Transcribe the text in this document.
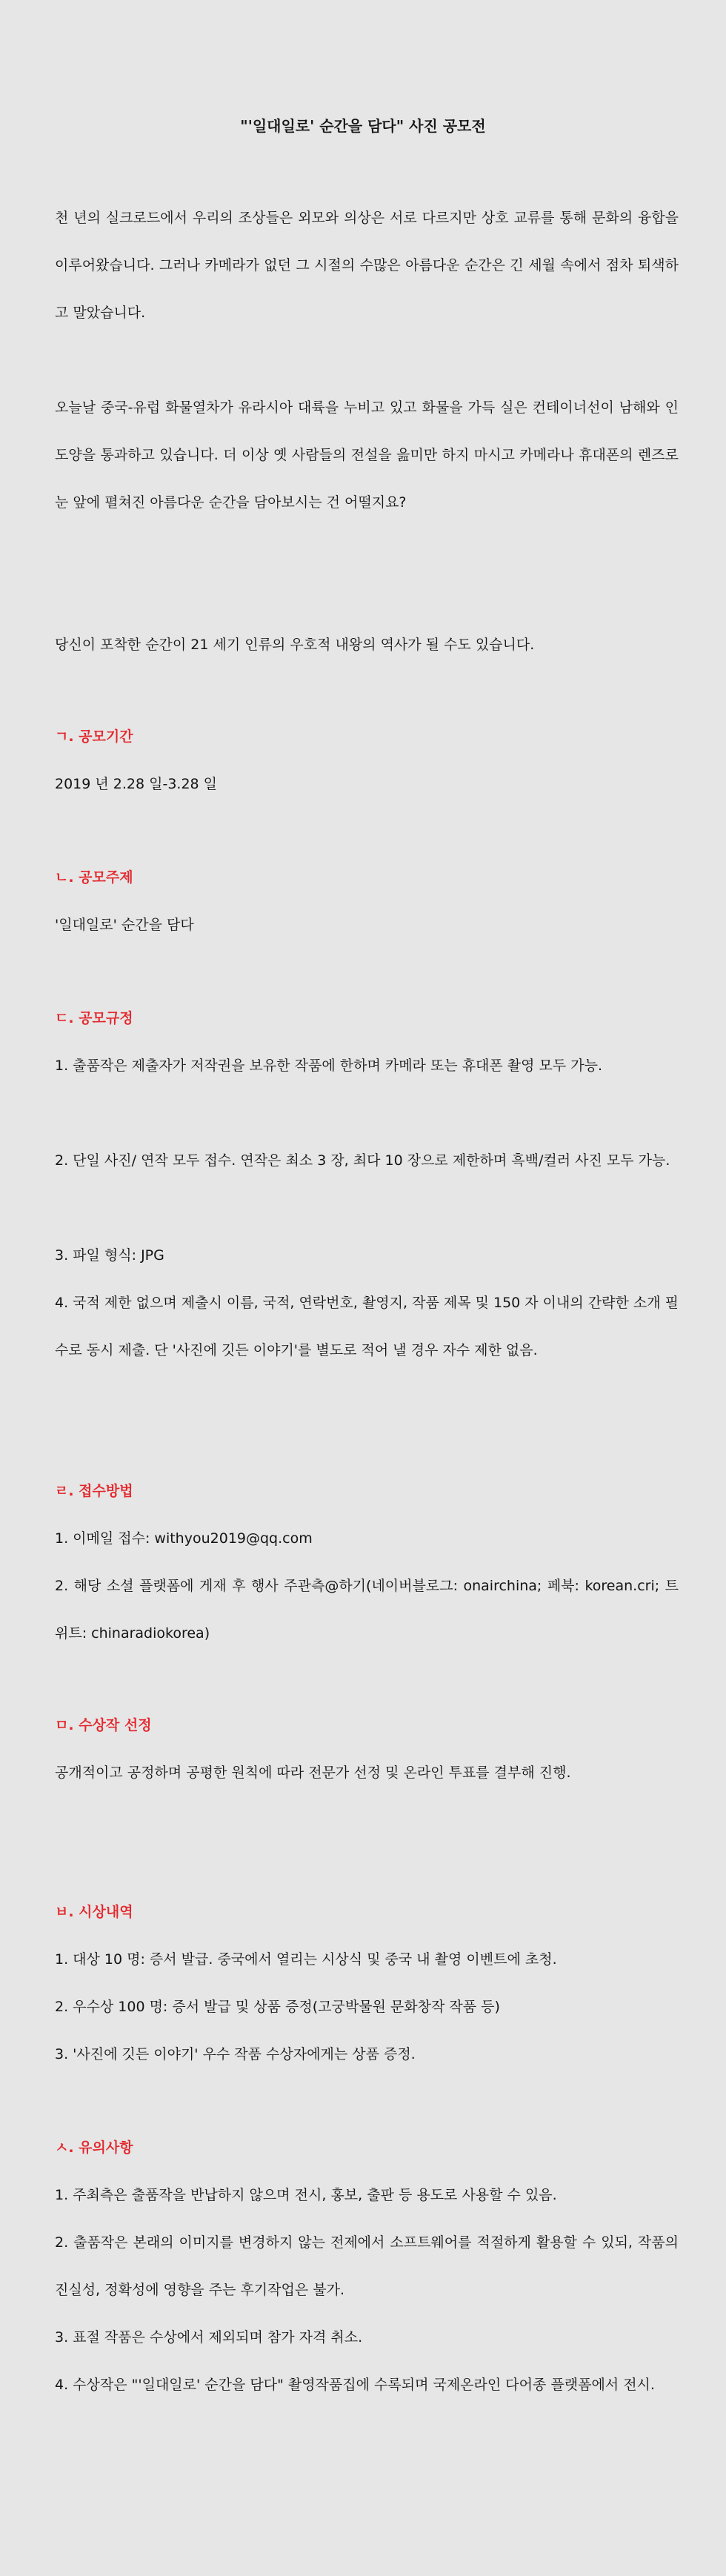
"'일대일로' 순간을 담다" 사진 공모전

천 년의 실크로드에서 우리의 조상들은 외모와 의상은 서로 다르지만 상호 교류를 통해 문화의 융합을 이루어왔습니다. 그러나 카메라가 없던 그 시절의 수많은 아름다운 순간은 긴 세월 속에서 점차 퇴색하고 말았습니다.

오늘날 중국-유럽 화물열차가 유라시아 대륙을 누비고 있고 화물을 가득 실은 컨테이너선이 남해와 인도양을 통과하고 있습니다. 더 이상 옛 사람들의 전설을 읊미만 하지 마시고 카메라나 휴대폰의 렌즈로 눈 앞에 펼쳐진 아름다운 순간을 담아보시는 건 어떨지요?

당신이 포착한 순간이 21 세기 인류의 우호적 내왕의 역사가 될 수도 있습니다.

ㄱ. 공모기간

2019 년 2.28 일-3.28 일

ㄴ. 공모주제

'일대일로' 순간을 담다

ㄷ. 공모규정

1. 출품작은 제출자가 저작권을 보유한 작품에 한하며 카메라 또는 휴대폰 촬영 모두 가능.

2. 단일 사진/ 연작 모두 접수. 연작은 최소 3 장, 최다 10 장으로 제한하며 흑백/컬러 사진 모두 가능.

3. 파일 형식: JPG

4. 국적 제한 없으며 제출시 이름, 국적, 연락번호, 촬영지, 작품 제목 및 150 자 이내의 간략한 소개 필수로 동시 제출. 단 '사진에 깃든 이야기'를 별도로 적어 낼 경우 자수 제한 없음.

ㄹ. 접수방법

1. 이메일 접수: withyou2019@qq.com

2. 해당 소셜 플랫폼에 게재 후 행사 주관측@하기(네이버블로그: onairchina; 페북: korean.cri; 트위트: chinaradiokorea)

ㅁ. 수상작 선정

공개적이고 공정하며 공평한 원칙에 따라 전문가 선정 및 온라인 투표를 결부해 진행.

ㅂ. 시상내역

1. 대상 10 명: 증서 발급. 중국에서 열리는 시상식 및 중국 내 촬영 이벤트에 초청.

2. 우수상 100 명: 증서 발급 및 상품 증정(고궁박물원 문화창작 작품 등)

3. '사진에 깃든 이야기' 우수 작품 수상자에게는 상품 증정.

ㅅ. 유의사항

1. 주최측은 출품작을 반납하지 않으며 전시, 홍보, 출판 등 용도로 사용할 수 있음.

2. 출품작은 본래의 이미지를 변경하지 않는 전제에서 소프트웨어를 적절하게 활용할 수 있되, 작품의 진실성, 정확성에 영향을 주는 후기작업은 불가.

3. 표절 작품은 수상에서 제외되며 참가 자격 취소.

4. 수상작은 "'일대일로' 순간을 담다" 촬영작품집에 수록되며 국제온라인 다어종 플랫폼에서 전시.
